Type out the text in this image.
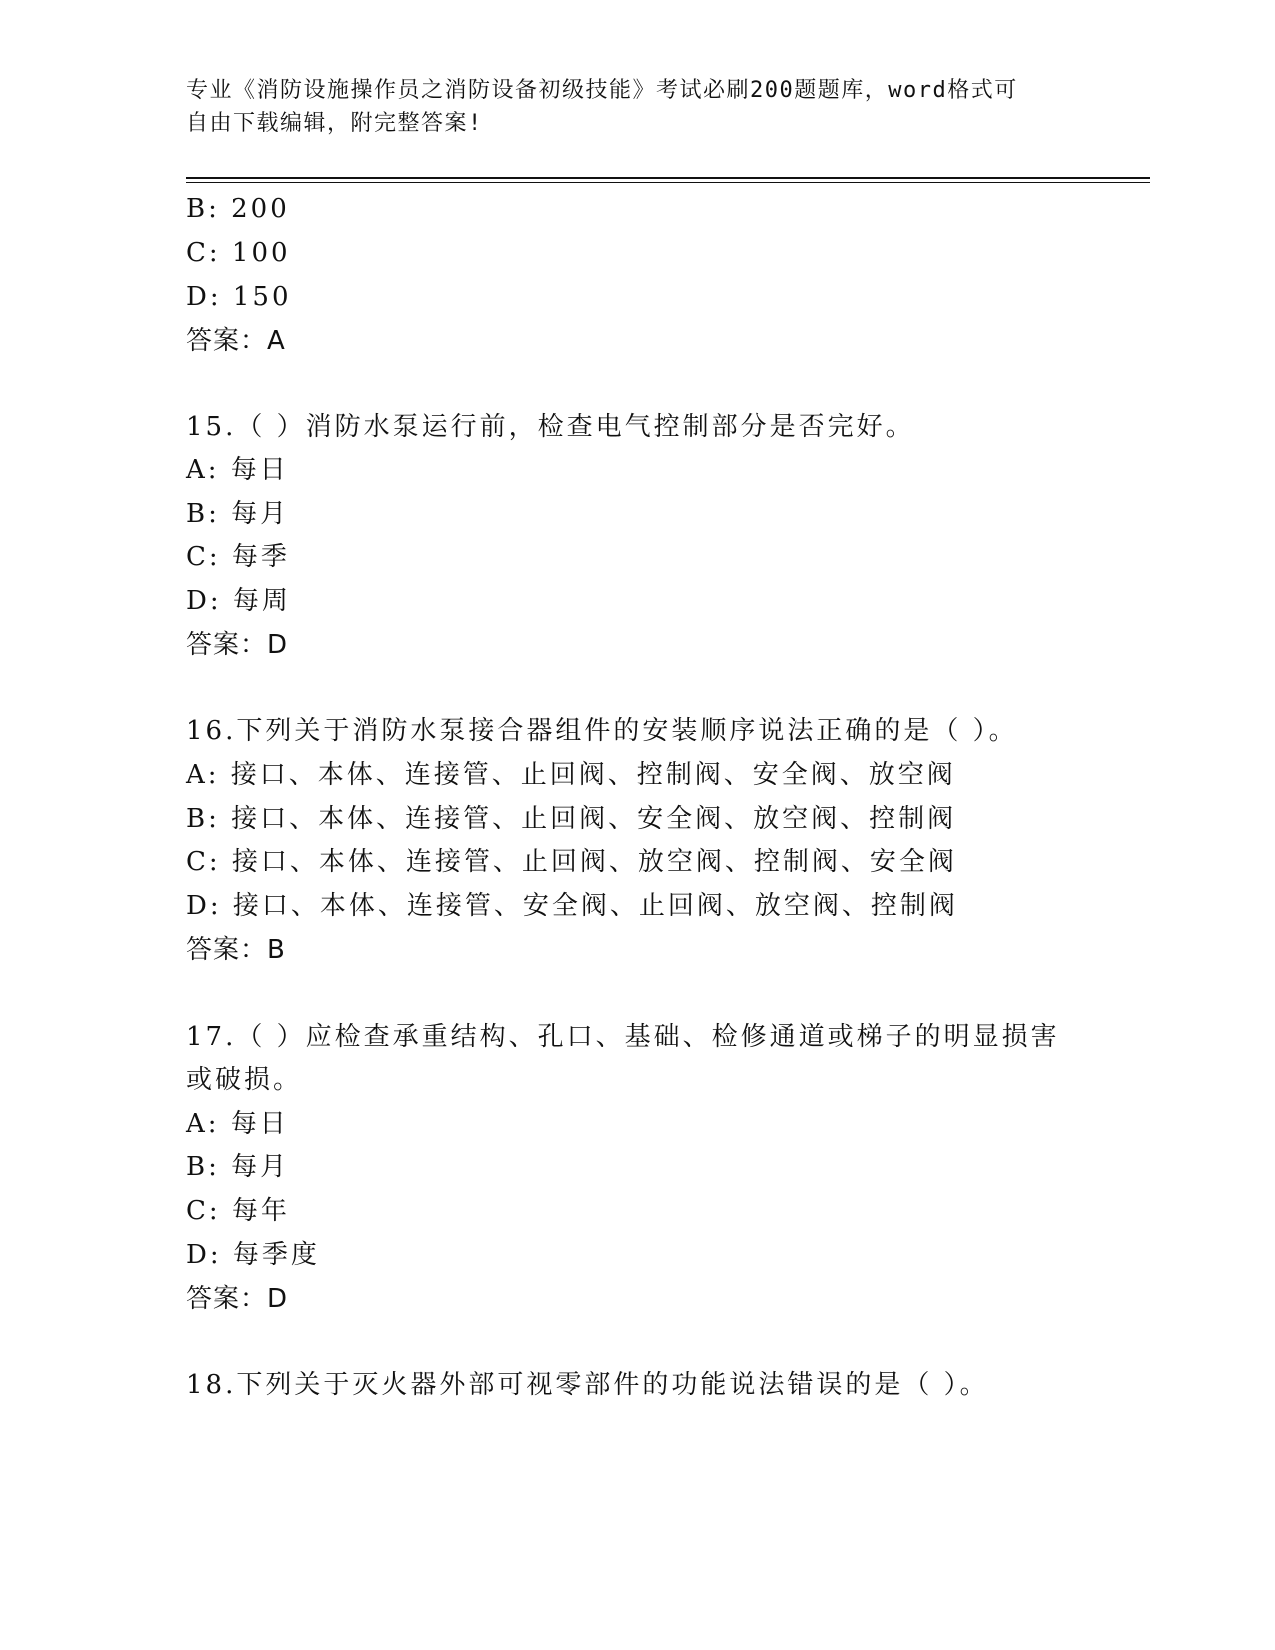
专业《消防设施操作员之消防设备初级技能》考试必刷200题题库，word格式可
自由下载编辑，附完整答案!
B: 200
C: 100
D: 150
答案：A
15.（ ）消防水泵运行前，检查电气控制部分是否完好。
A: 每日
B: 每月
C: 每季
D: 每周
答案：D
16.下列关于消防水泵接合器组件的安装顺序说法正确的是（ ）。
A: 接口、本体、连接管、止回阀、控制阀、安全阀、放空阀
B: 接口、本体、连接管、止回阀、安全阀、放空阀、控制阀
C: 接口、本体、连接管、止回阀、放空阀、控制阀、安全阀
D: 接口、本体、连接管、安全阀、止回阀、放空阀、控制阀
答案：B
17.（ ）应检查承重结构、孔口、基础、检修通道或梯子的明显损害
或破损。
A: 每日
B: 每月
C: 每年
D: 每季度
答案：D
18.下列关于灭火器外部可视零部件的功能说法错误的是（ ）。
